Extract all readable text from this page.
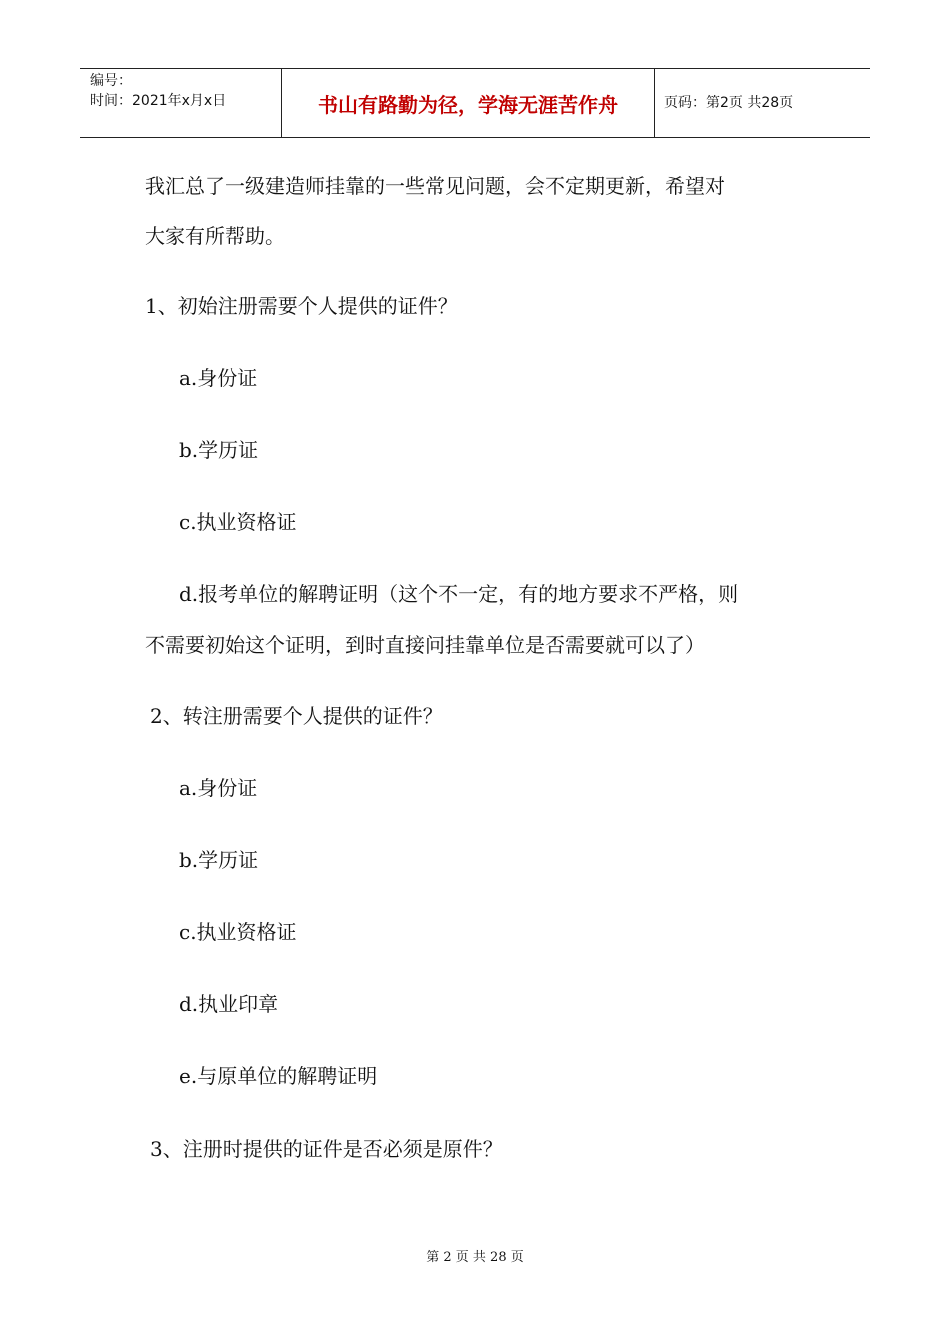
编号：
时间：2021年x月x日	书山有路勤为径，学海无涯苦作舟	页码：第2页 共28页
我汇总了一级建造师挂靠的一些常见问题，会不定期更新，希望对
大家有所帮助。
1、初始注册需要个人提供的证件？
a.身份证
b.学历证
c.执业资格证
d.报考单位的解聘证明（这个不一定，有的地方要求不严格，则
不需要初始这个证明，到时直接问挂靠单位是否需要就可以了）
2、转注册需要个人提供的证件？
a.身份证
b.学历证
c.执业资格证
d.执业印章
e.与原单位的解聘证明
3、注册时提供的证件是否必须是原件？
第 2 页 共 28 页
